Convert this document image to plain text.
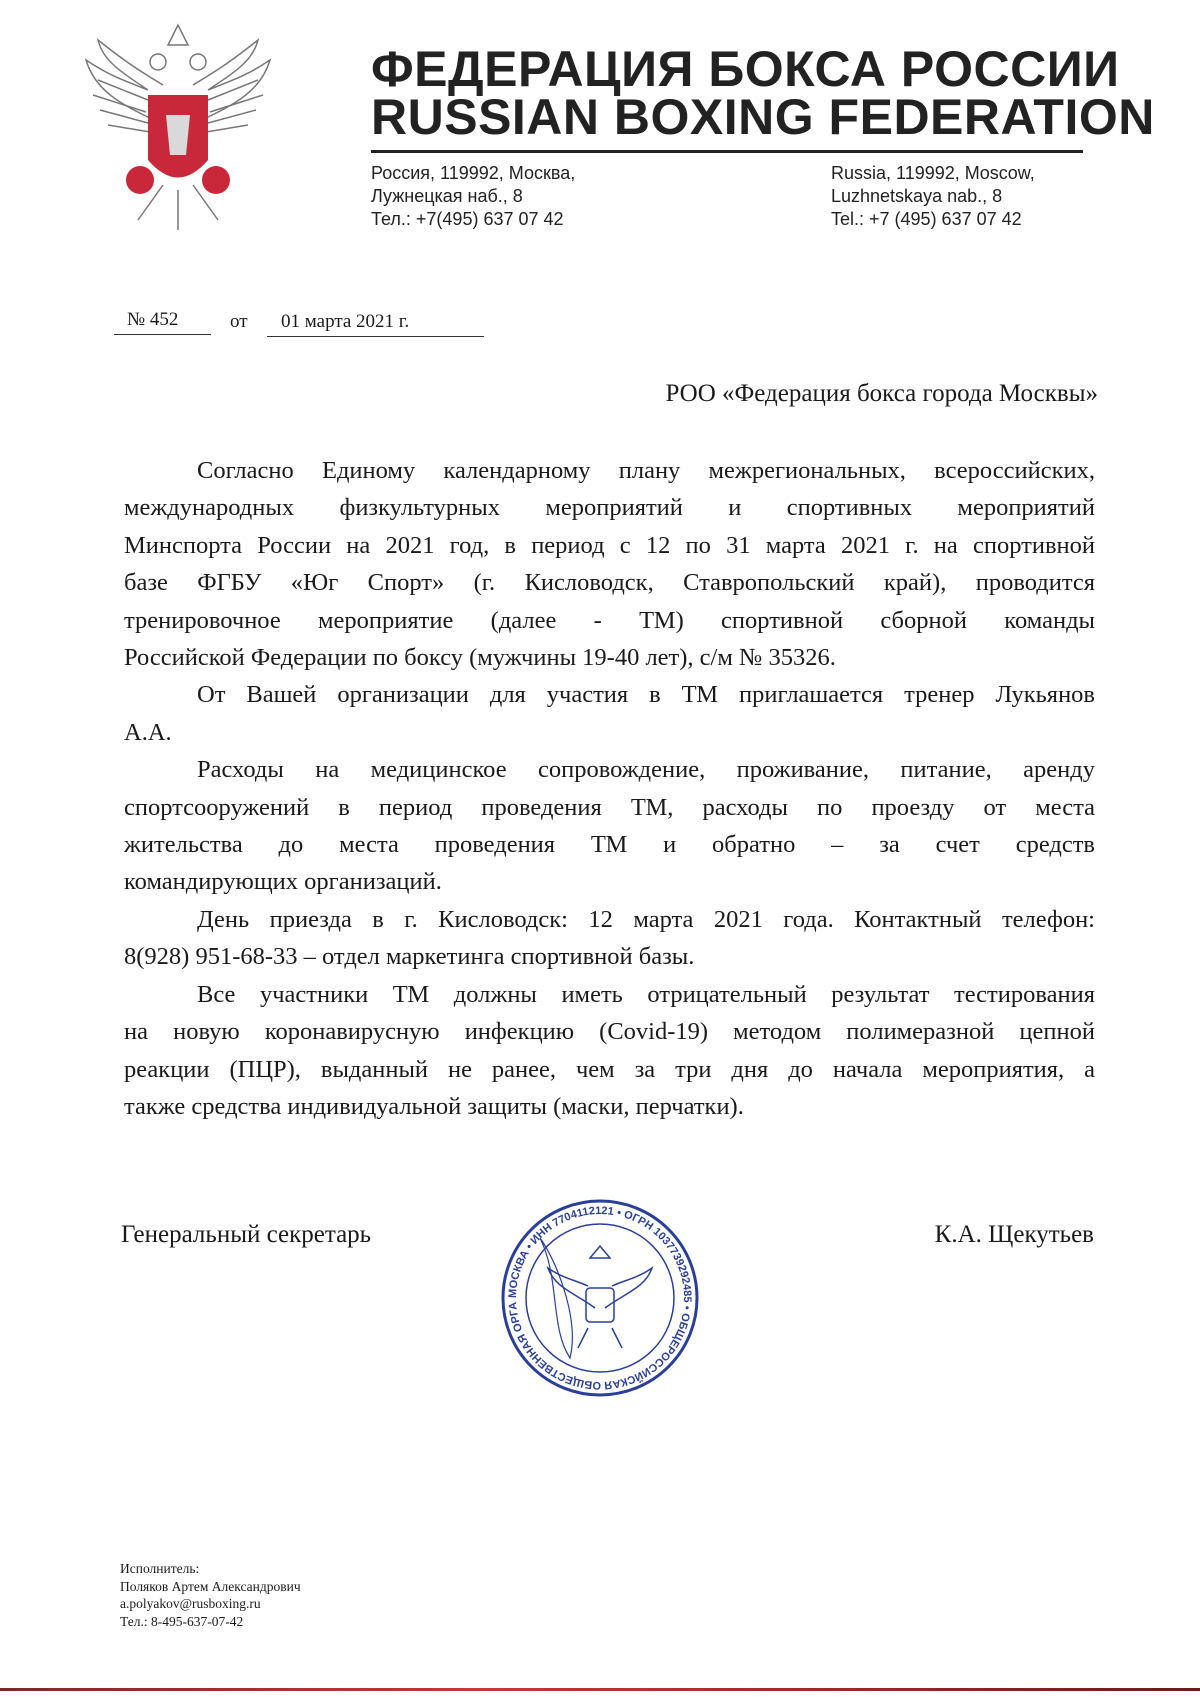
ФЕДЕРАЦИЯ БОКСА РОССИИ
RUSSIAN BOXING FEDERATION
Россия, 119992, Москва,
Лужнецкая наб., 8
Тел.: +7(495) 637 07 42
Russia, 119992, Moscow,
Luzhnetskaya nab., 8
Tel.: +7 (495) 637 07 42
№ 452	от 01 марта 2021 г.
РОО «Федерация бокса города Москвы»
Согласно Единому календарному плану межрегиональных, всероссийских,
международных физкультурных мероприятий и спортивных мероприятий
Минспорта России на 2021 год, в период с 12 по 31 марта 2021 г. на спортивной
базе ФГБУ «Юг Спорт» (г. Кисловодск, Ставропольский край), проводится
тренировочное мероприятие (далее - ТМ) спортивной сборной команды
Российской Федерации по боксу (мужчины 19-40 лет), с/м № 35326.
От Вашей организации для участия в ТМ приглашается тренер Лукьянов
А.А.
Расходы на медицинское сопровождение, проживание, питание, аренду
спортсооружений в период проведения ТМ, расходы по проезду от места
жительства до места проведения ТМ и обратно – за счет средств
командирующих организаций.
День приезда в г. Кисловодск: 12 марта 2021 года. Контактный телефон:
8(928) 951-68-33 – отдел маркетинга спортивной базы.
Все участники ТМ должны иметь отрицательный результат тестирования
на новую коронавирусную инфекцию (Covid-19) методом полимеразной цепной
реакции (ПЦР), выданный не ранее, чем за три дня до начала мероприятия, а
также средства индивидуальной защиты (маски, перчатки).
Генеральный секретарь	К.А. Щекутьев
МОСКВА • ИНН 7704112121 • ОГРН 1037739292485 • ОБЩЕРОССИЙСКАЯ ОБЩЕСТВЕННАЯ ОРГА
Исполнитель:
Поляков Артем Александрович
a.polyakov@rusboxing.ru
Тел.: 8-495-637-07-42
